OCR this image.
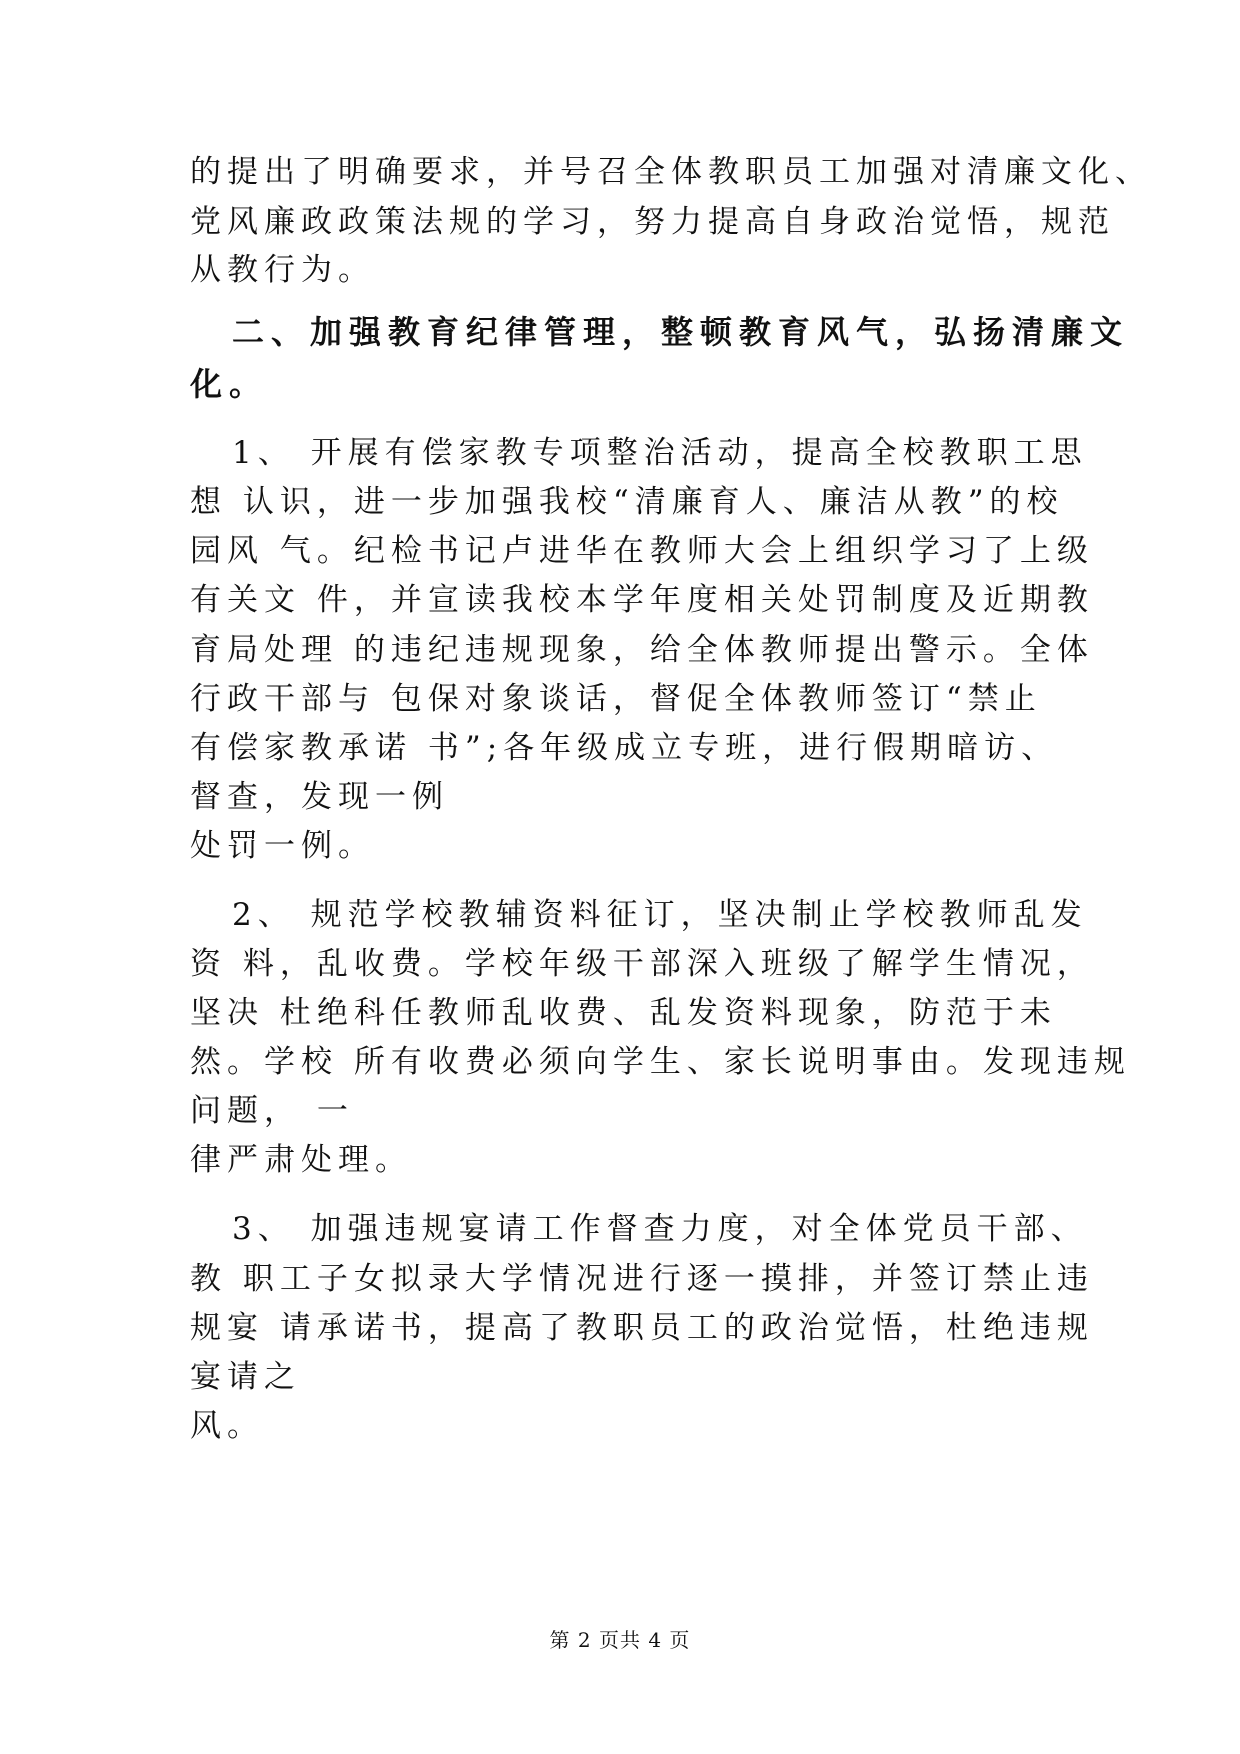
的提出了明确要求，并号召全体教职员工加强对清廉文化、
党风廉政政策法规的学习，努力提高自身政治觉悟，规范
从教行为。
二、加强教育纪律管理，整顿教育风气，弘扬清廉文
化。
1、 开展有偿家教专项整治活动，提高全校教职工思
想 认识，进一步加强我校“清廉育人、廉洁从教”的校
园风 气。纪检书记卢进华在教师大会上组织学习了上级
有关文 件，并宣读我校本学年度相关处罚制度及近期教
育局处理 的违纪违规现象，给全体教师提出警示。全体
行政干部与 包保对象谈话，督促全体教师签订“禁止
有偿家教承诺 书”;各年级成立专班，进行假期暗访、
督查，发现一例
处罚一例。
2、 规范学校教辅资料征订，坚决制止学校教师乱发
资 料，乱收费。学校年级干部深入班级了解学生情况，
坚决 杜绝科任教师乱收费、乱发资料现象，防范于未
然。学校 所有收费必须向学生、家长说明事由。发现违规
问题， 一
律严肃处理。
3、 加强违规宴请工作督查力度，对全体党员干部、
教 职工子女拟录大学情况进行逐一摸排，并签订禁止违
规宴 请承诺书，提高了教职员工的政治觉悟，杜绝违规
宴请之
风。
第 2 页共 4 页
